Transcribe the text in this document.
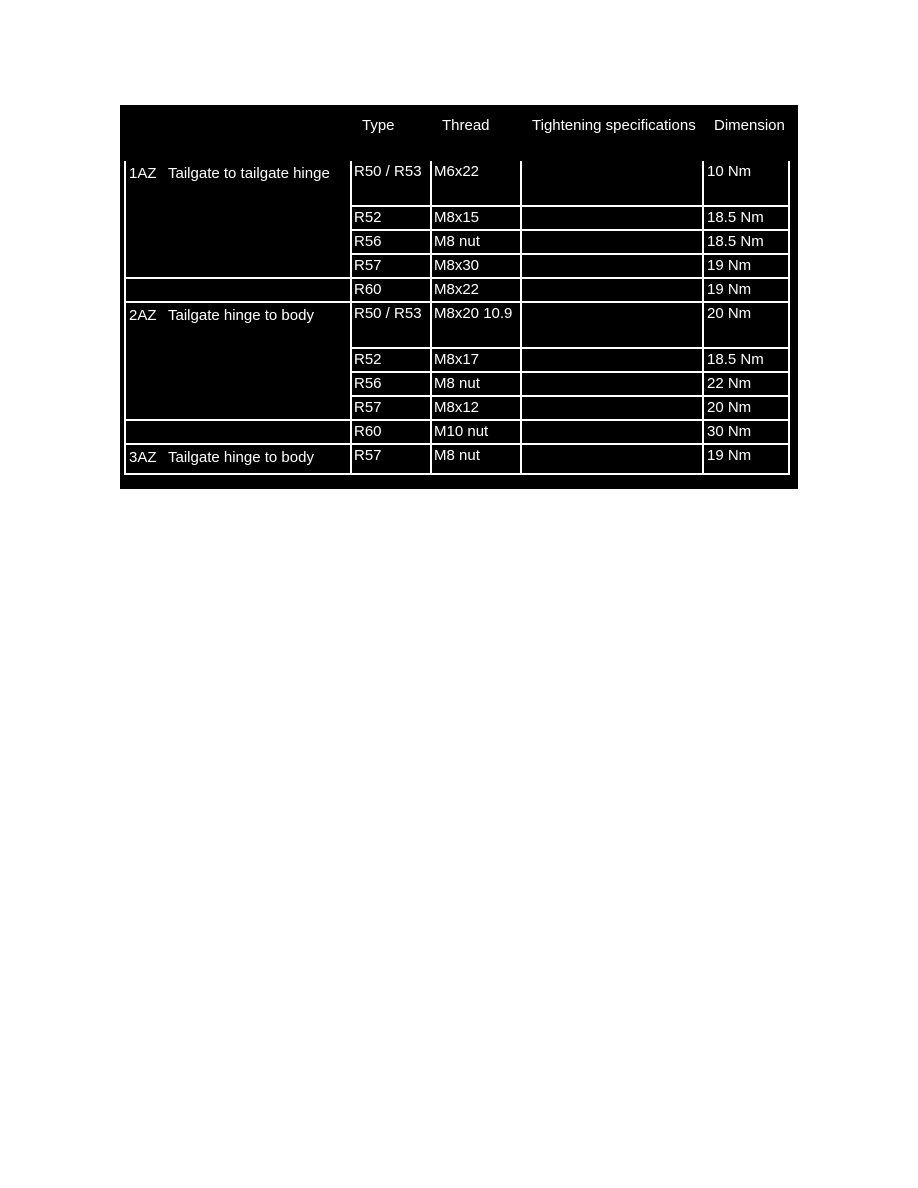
	Type	Thread	Tightening specifications	Dimension

1AZ Tailgate to tailgate hinge	R50 / R53	M6x22		10 Nm
	R52	M8x15		18.5 Nm
	R56	M8 nut		18.5 Nm
	R57	M8x30		19 Nm

	R60	M8x22		19 Nm

2AZ Tailgate hinge to body	R50 / R53	M8x20 10.9		20 Nm
	R52	M8x17		18.5 Nm
	R56	M8 nut		22 Nm
	R57	M8x12		20 Nm

	R60	M10 nut		30 Nm

3AZ Tailgate hinge to body	R57	M8 nut		19 Nm
